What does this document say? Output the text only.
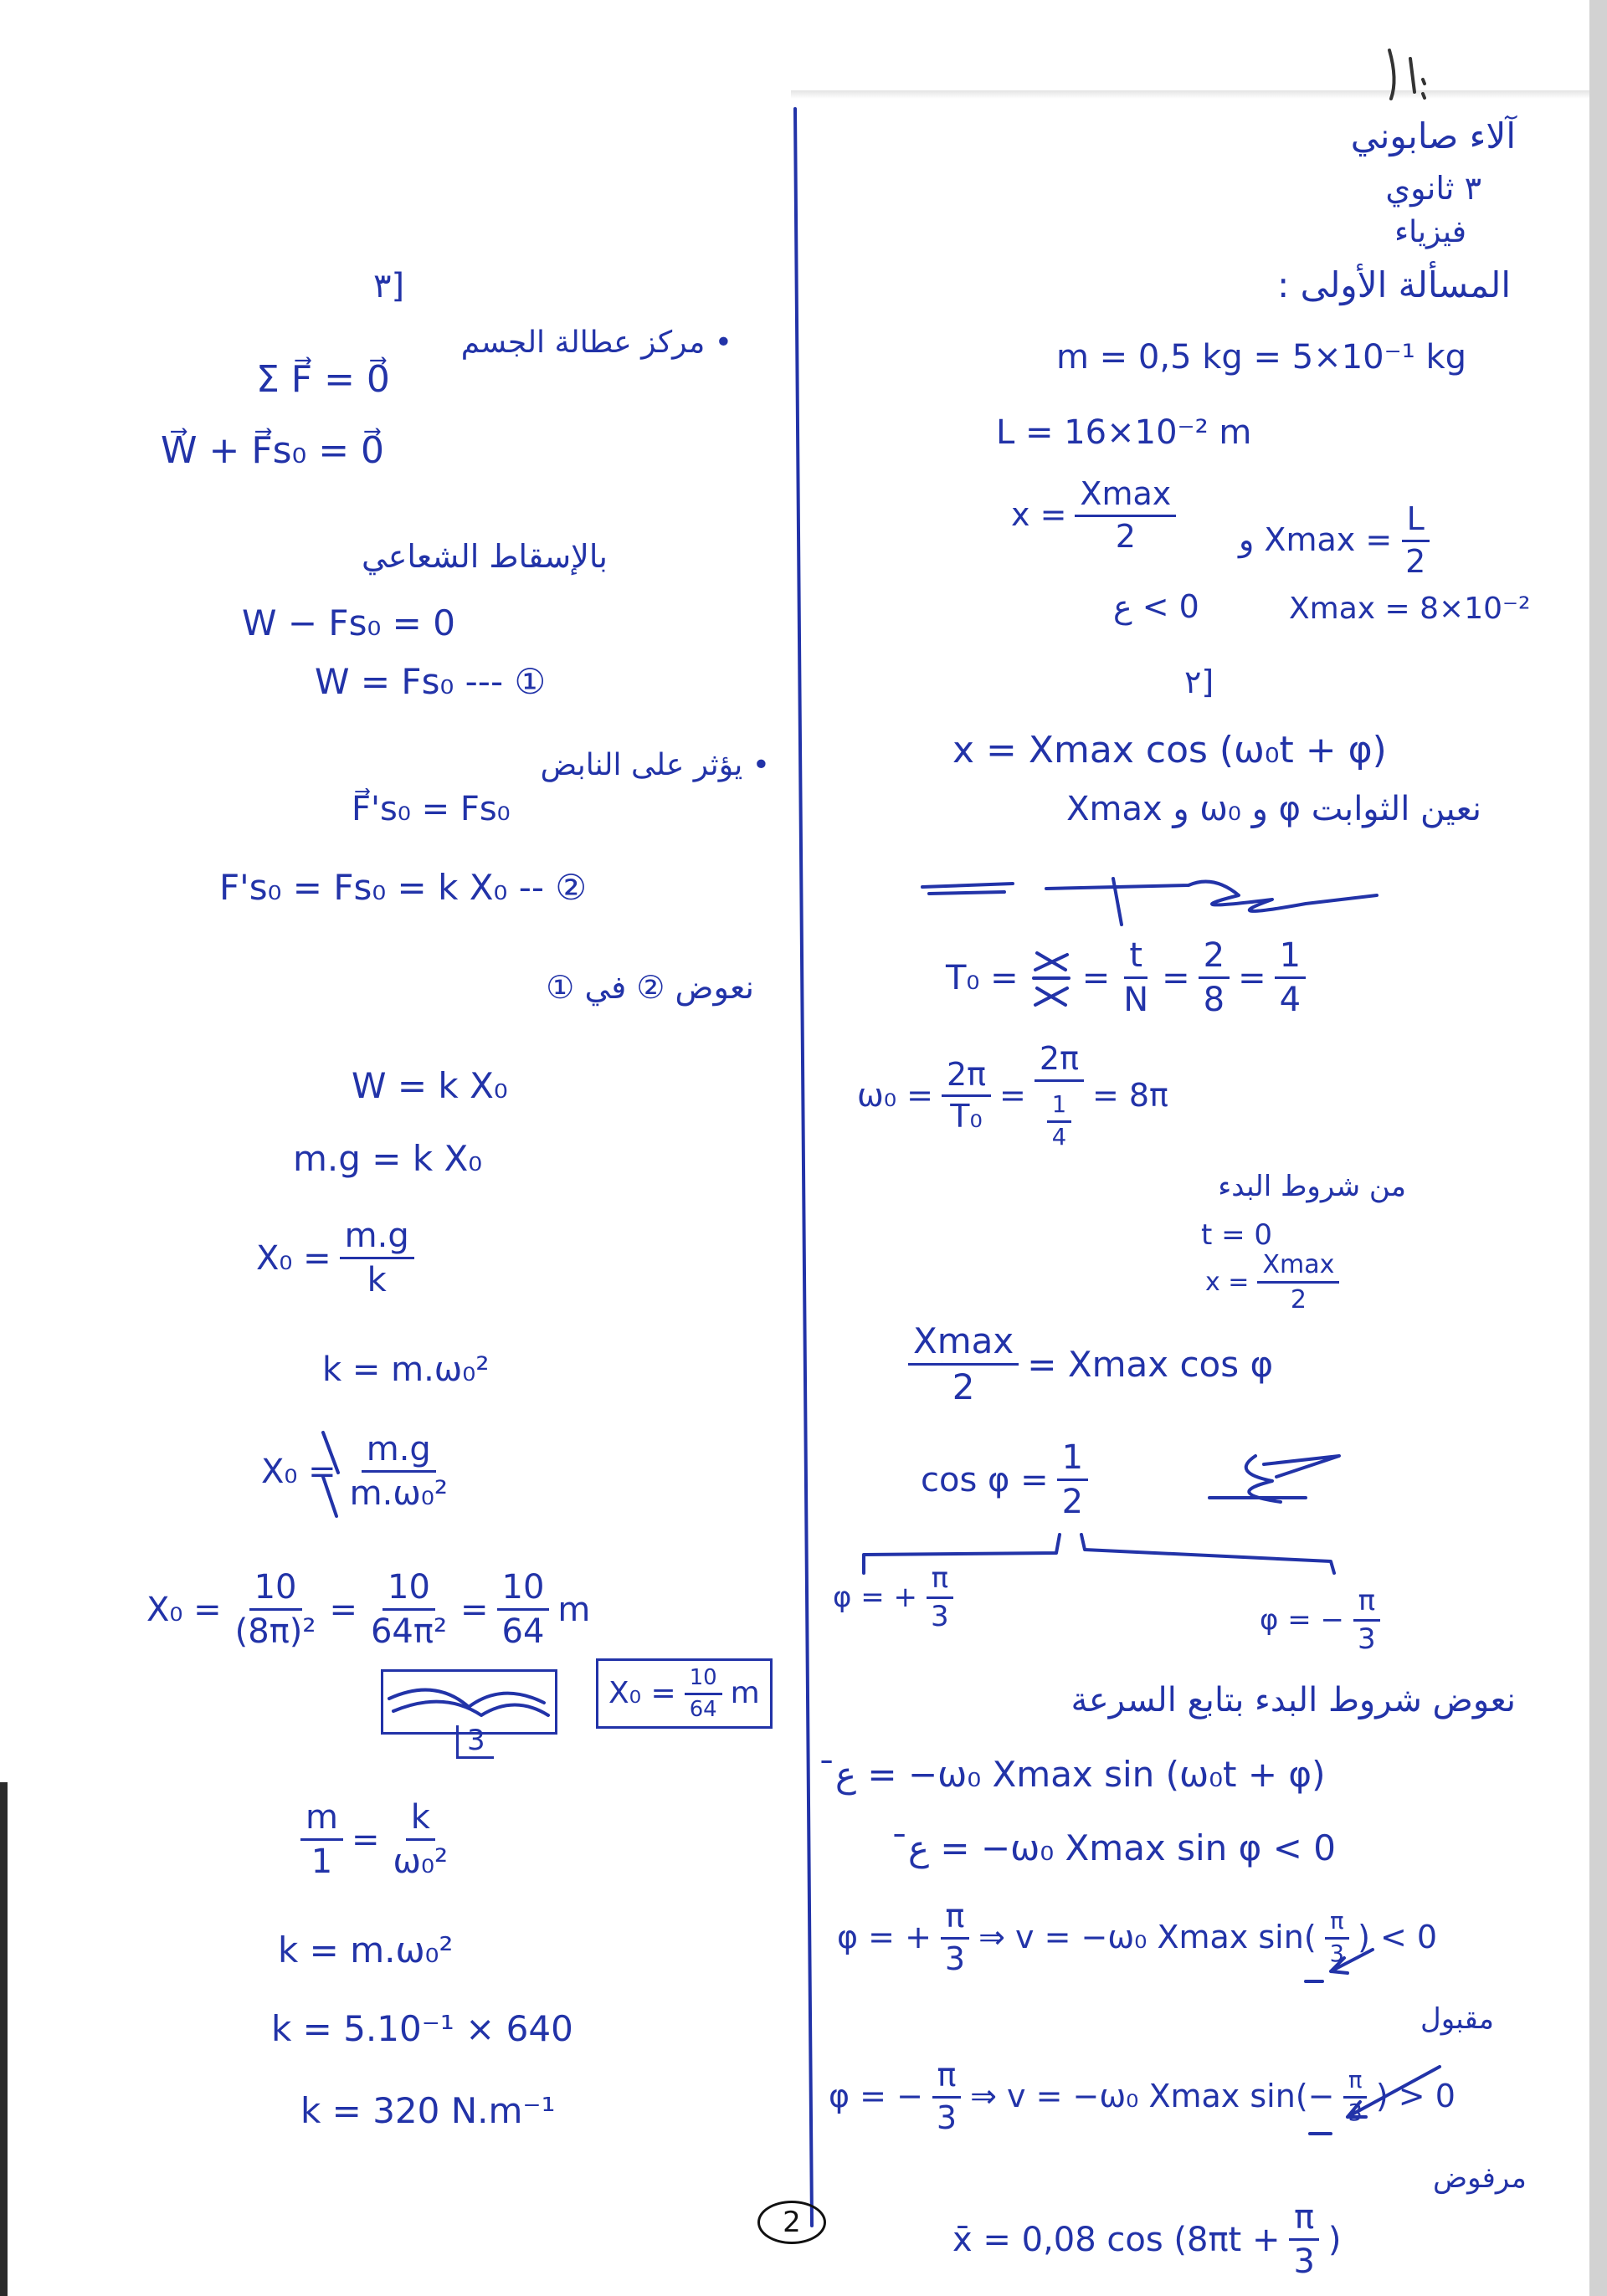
آلاء صابوني
٣ ثانوي
فيزياء
المسألة الأولى :
m = 0,5 kg = 5×10⁻¹ kg
L = 16×10⁻² m
$x = \frac{Xmax}{2}$ و $Xmax = \frac{L}{2}$
ع < 0	Xmax = 8×10⁻²
٢]
x = Xmax cos (ω₀t + φ)
نعين الثوابت φ و ω₀ و Xmax
T₀ = = $\frac{t}{N} = \frac{2}{8} = \frac{1}{4}$
$\omega_0 = \frac{2\pi}{\text{T₀}} = \frac{2\pi}{\frac{1}{4}} = 8\pi$
من شروط البدء
t = 0
$x = \frac{Xmax}{2}$
$\frac{Xmax}{2} = Xmax$ cos φ
$\cos \varphi = \frac{1}{2}$
φ = + $\frac{\pi}{3}$	φ = − $\frac{\pi}{3}$
نعوض شروط البدء بتابع السرعة
ع̄ = −ω₀ Xmax sin (ω₀t + φ)
ع̄ = −ω₀ Xmax sin φ < 0
φ = + $\frac{\pi}{3}$ ⇒ v = −ω₀ Xmax $\sin( \frac{\pi}{3}$ ) < 0
مقبول
φ = − $\frac{\pi}{3}$ ⇒ v = −ω₀ Xmax $\sin(- \frac{\pi}{3}$ ) > 0
مرفوض
x̄ = 0,08 $\cos (8\pi t + \frac{\pi}{3}$ )
٣]
• مركز عطالة الجسم
Σ F⃗ = 0⃗
W⃗ + F⃗s₀ = 0⃗
بالإسقاط الشعاعي
W − Fs₀ = 0
W = Fs₀ --- ①
• يؤثر على النابض
F⃗'s₀ = Fs₀
F's₀ = Fs₀ = k X₀ -- ②
نعوض ② في ①
W = k X₀
m.g = k X₀
$X_0 = \frac{m.g}{k}$
k = m.ω₀²
$X_0 = \frac{m.g}{\text{m.ω₀²}}$
$X_0 = \frac{10}{\text{(8π)²}} = \frac{10}{\text{64π²}} = \frac{10}{64}$ m
3
$X_0 = \frac{10}{64}$ m
$\frac{m}{1} = \frac{k}{\text{ω₀²}}$
k = m.ω₀²
k = 5.10⁻¹ × 640
k = 320 N.m⁻¹
2
